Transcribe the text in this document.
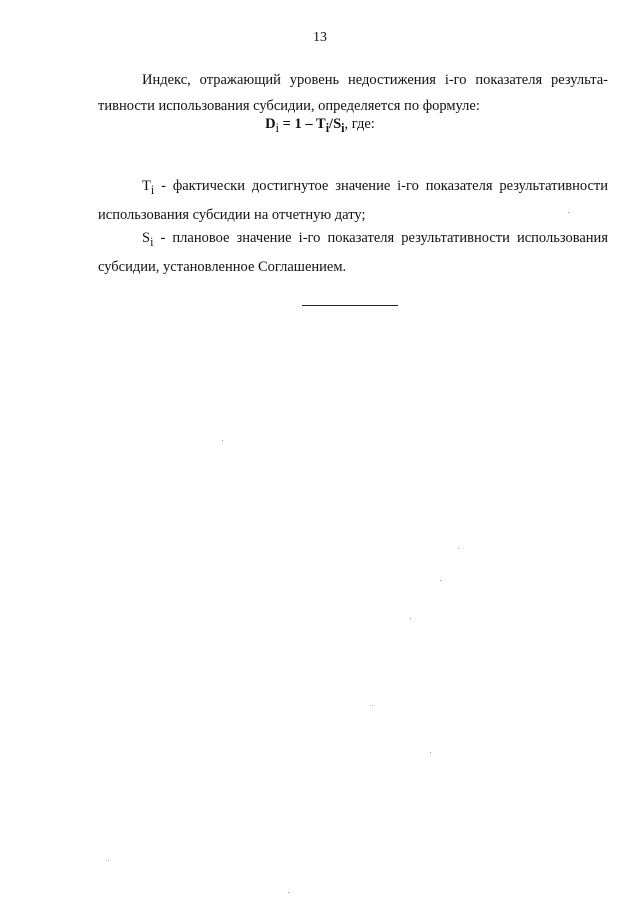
13

Индекс, отражающий уровень недостижения i-го показателя результа-тивности использования субсидии, определяется по формуле:

$D_i = 1 - T_i/S_i$, где:

$T_i$ - фактически достигнутое значение i-го показателя результативности использования субсидии на отчетную дату;

$S_i$ - плановое значение i-го показателя результативности использования субсидии, установленное Соглашением.
